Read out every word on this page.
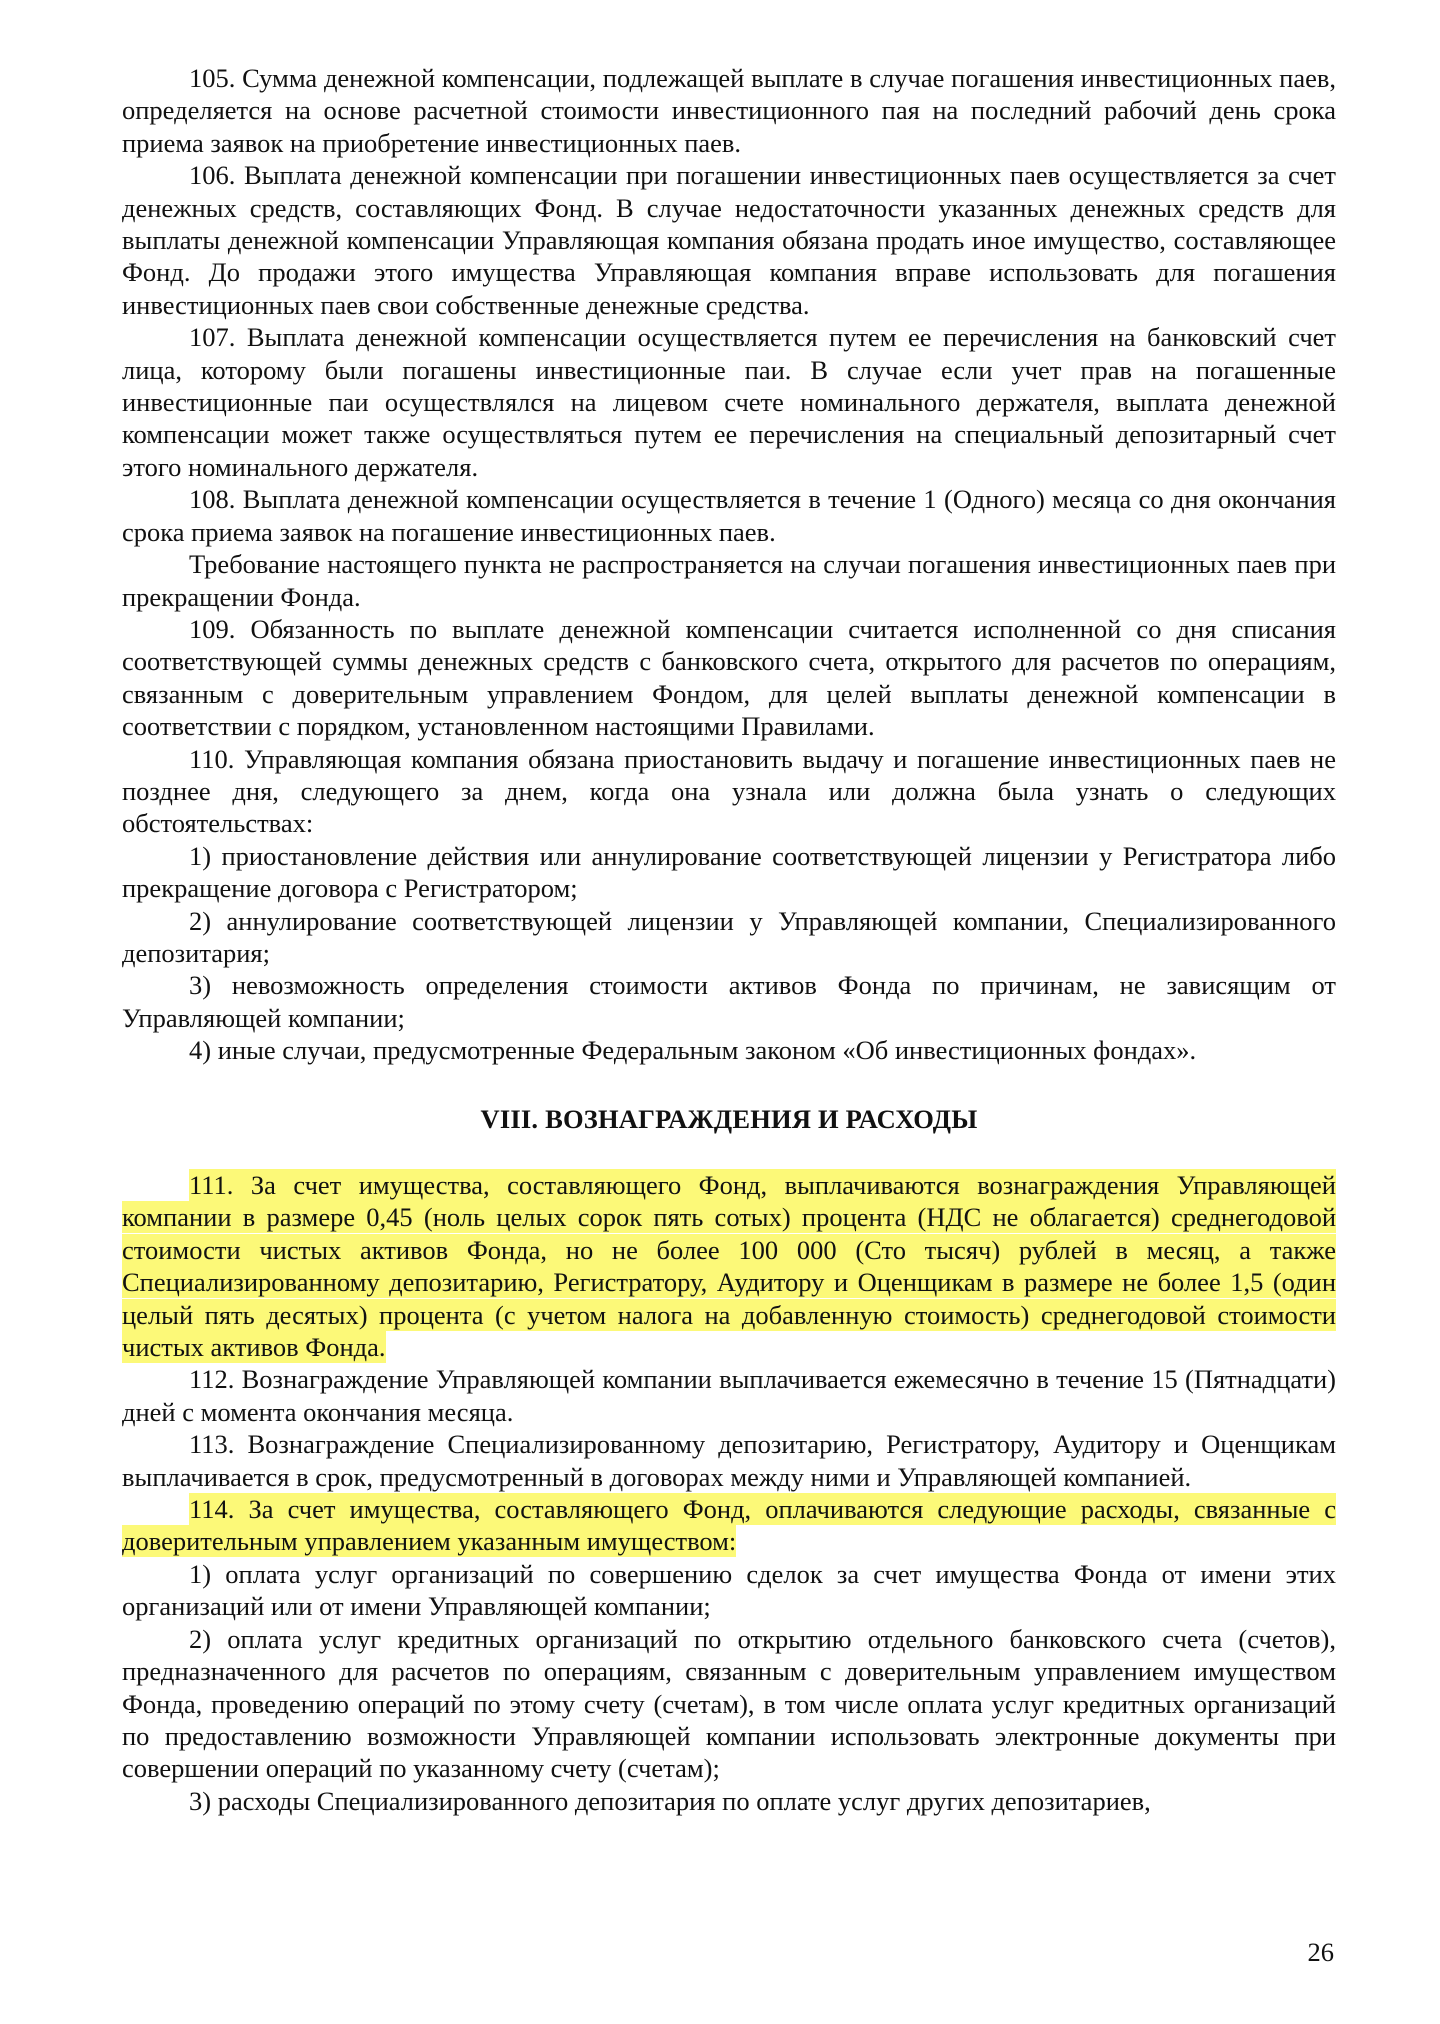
105. Сумма денежной компенсации, подлежащей выплате в случае погашения инвестиционных паев, определяется на основе расчетной стоимости инвестиционного пая на последний рабочий день срока приема заявок на приобретение инвестиционных паев.

106. Выплата денежной компенсации при погашении инвестиционных паев осуществляется за счет денежных средств, составляющих Фонд. В случае недостаточности указанных денежных средств для выплаты денежной компенсации Управляющая компания обязана продать иное имущество, составляющее Фонд. До продажи этого имущества Управляющая компания вправе использовать для погашения инвестиционных паев свои собственные денежные средства.

107. Выплата денежной компенсации осуществляется путем ее перечисления на банковский счет лица, которому были погашены инвестиционные паи. В случае если учет прав на погашенные инвестиционные паи осуществлялся на лицевом счете номинального держателя, выплата денежной компенсации может также осуществляться путем ее перечисления на специальный депозитарный счет этого номинального держателя.

108. Выплата денежной компенсации осуществляется в течение 1 (Одного) месяца со дня окончания срока приема заявок на погашение инвестиционных паев.

Требование настоящего пункта не распространяется на случаи погашения инвестиционных паев при прекращении Фонда.

109. Обязанность по выплате денежной компенсации считается исполненной со дня списания соответствующей суммы денежных средств с банковского счета, открытого для расчетов по операциям, связанным с доверительным управлением Фондом, для целей выплаты денежной компенсации в соответствии с порядком, установленном настоящими Правилами.

110. Управляющая компания обязана приостановить выдачу и погашение инвестиционных паев не позднее дня, следующего за днем, когда она узнала или должна была узнать о следующих обстоятельствах:

1) приостановление действия или аннулирование соответствующей лицензии у Регистратора либо прекращение договора с Регистратором;

2) аннулирование соответствующей лицензии у Управляющей компании, Специализированного депозитария;

3) невозможность определения стоимости активов Фонда по причинам, не зависящим от Управляющей компании;

4) иные случаи, предусмотренные Федеральным законом «Об инвестиционных фондах».

VIII. ВОЗНАГРАЖДЕНИЯ И РАСХОДЫ

111. За счет имущества, составляющего Фонд, выплачиваются вознаграждения Управляющей компании в размере 0,45 (ноль целых сорок пять сотых) процента (НДС не облагается) среднегодовой стоимости чистых активов Фонда, но не более 100 000 (Сто тысяч) рублей в месяц, а также Специализированному депозитарию, Регистратору, Аудитору и Оценщикам в размере не более 1,5 (один целый пять десятых) процента (с учетом налога на добавленную стоимость) среднегодовой стоимости чистых активов Фонда.

112. Вознаграждение Управляющей компании выплачивается ежемесячно в течение 15 (Пятнадцати) дней с момента окончания месяца.

113. Вознаграждение Специализированному депозитарию, Регистратору, Аудитору и Оценщикам выплачивается в срок, предусмотренный в договорах между ними и Управляющей компанией.

114. За счет имущества, составляющего Фонд, оплачиваются следующие расходы, связанные с доверительным управлением указанным имуществом:

1) оплата услуг организаций по совершению сделок за счет имущества Фонда от имени этих организаций или от имени Управляющей компании;

2) оплата услуг кредитных организаций по открытию отдельного банковского счета (счетов), предназначенного для расчетов по операциям, связанным с доверительным управлением имуществом Фонда, проведению операций по этому счету (счетам), в том числе оплата услуг кредитных организаций по предоставлению возможности Управляющей компании использовать электронные документы при совершении операций по указанному счету (счетам);

3) расходы Специализированного депозитария по оплате услуг других депозитариев,

26
